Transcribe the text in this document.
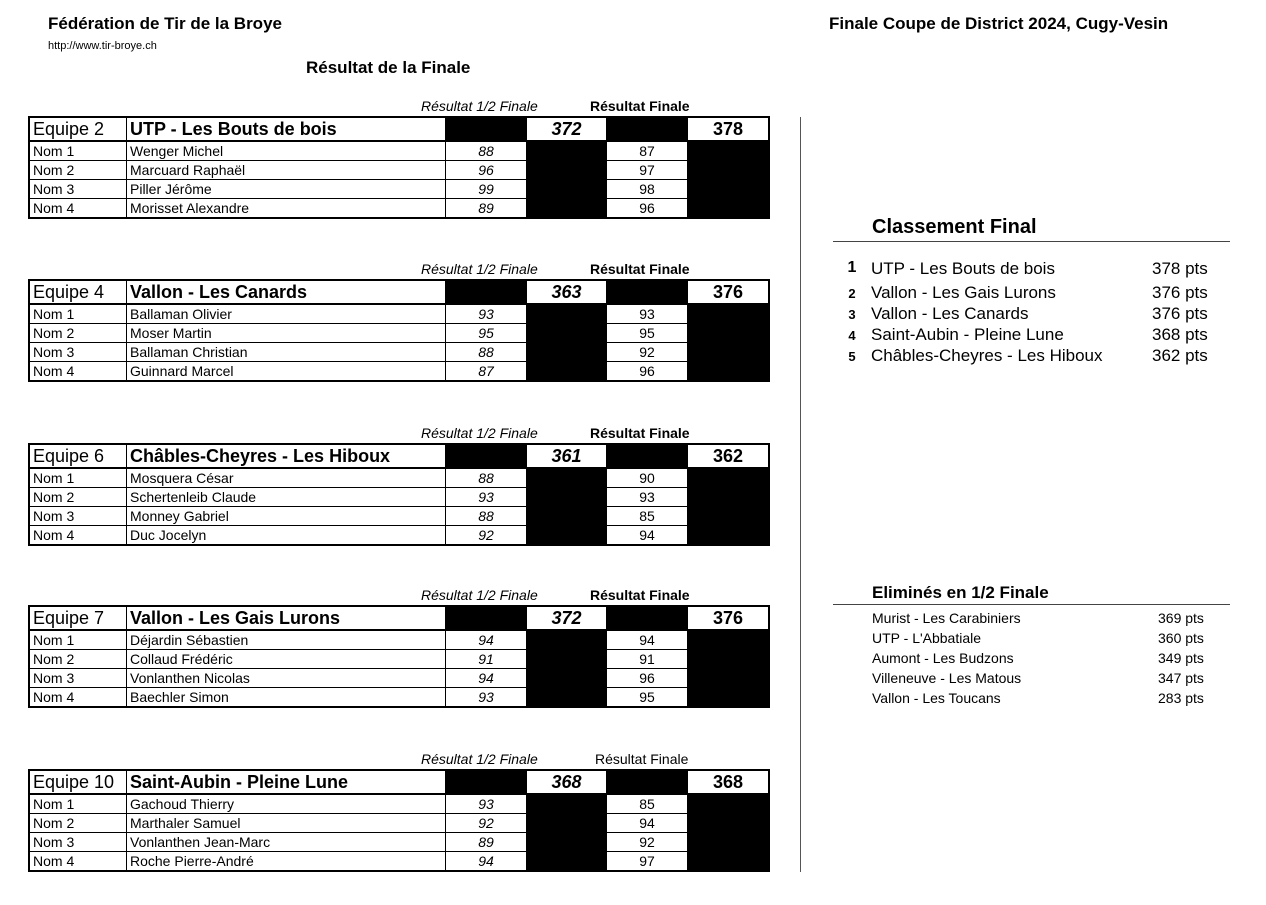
Fédération de Tir de la Broye
http://www.tir-broye.ch
Finale Coupe de District 2024, Cugy-Vesin
Résultat de la Finale
Résultat 1/2 Finale	Résultat Finale
Equipe 2	UTP - Les Bouts de bois		372		378
Nom 1	Wenger Michel	88		87	
Nom 2	Marcuard Raphaël	96		97	
Nom 3	Piller Jérôme	99		98	
Nom 4	Morisset Alexandre	89		96	
Résultat 1/2 Finale	Résultat Finale
Equipe 4	Vallon - Les Canards		363		376
Nom 1	Ballaman Olivier	93		93	
Nom 2	Moser Martin	95		95	
Nom 3	Ballaman Christian	88		92	
Nom 4	Guinnard Marcel	87		96	
Résultat 1/2 Finale	Résultat Finale
Equipe 6	Châbles-Cheyres - Les Hiboux		361		362
Nom 1	Mosquera César	88		90	
Nom 2	Schertenleib Claude	93		93	
Nom 3	Monney Gabriel	88		85	
Nom 4	Duc Jocelyn	92		94	
Résultat 1/2 Finale	Résultat Finale
Equipe 7	Vallon - Les Gais Lurons		372		376
Nom 1	Déjardin Sébastien	94		94	
Nom 2	Collaud Frédéric	91		91	
Nom 3	Vonlanthen Nicolas	94		96	
Nom 4	Baechler Simon	93		95	
Résultat 1/2 Finale	Résultat Finale
Equipe 10	Saint-Aubin - Pleine Lune		368		368
Nom 1	Gachoud Thierry	93		85	
Nom 2	Marthaler Samuel	92		94	
Nom 3	Vonlanthen Jean-Marc	89		92	
Nom 4	Roche Pierre-André	94		97	
Classement Final
1 UTP - Les Bouts de bois	378 pts
2 Vallon - Les Gais Lurons	376 pts
3 Vallon - Les Canards	376 pts
4 Saint-Aubin - Pleine Lune	368 pts
5 Châbles-Cheyres - Les Hiboux	362 pts
Eliminés en 1/2 Finale
Murist - Les Carabiniers	369 pts
UTP - L'Abbatiale	360 pts
Aumont - Les Budzons	349 pts
Villeneuve - Les Matous	347 pts
Vallon - Les Toucans	283 pts
